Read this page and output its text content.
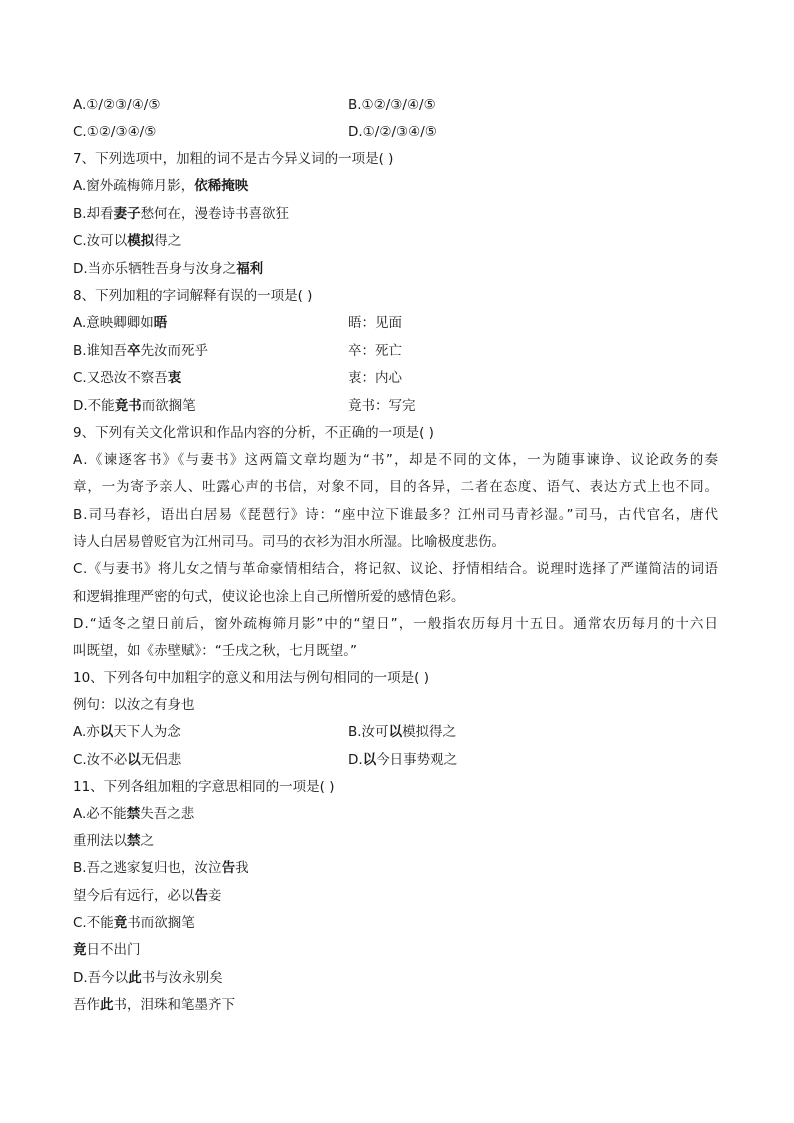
A.①/②③/④/⑤	B.①②/③/④/⑤
C.①②/③④/⑤	D.①/②/③④/⑤
7、下列选项中，加粗的词不是古今异义词的一项是( )
A.窗外疏梅筛月影，依稀掩映
B.却看妻子愁何在，漫卷诗书喜欲狂
C.汝可以模拟得之
D.当亦乐牺牲吾身与汝身之福利
8、下列加粗的字词解释有误的一项是( )
A.意映卿卿如晤	晤：见面
B.谁知吾卒先汝而死乎	卒：死亡
C.又恐汝不察吾衷	衷：内心
D.不能竟书而欲搁笔	竟书：写完
9、下列有关文化常识和作品内容的分析，不正确的一项是( )
A.《谏逐客书》《与妻书》这两篇文章均题为“书”，却是不同的文体，一为随事谏诤、议论政务的奏
章，一为寄予亲人、吐露心声的书信，对象不同，目的各异，二者在态度、语气、表达方式上也不同。
B.司马春衫，语出白居易《琵琶行》诗：“座中泣下谁最多？江州司马青衫湿。”司马，古代官名，唐代
诗人白居易曾贬官为江州司马。司马的衣衫为泪水所湿。比喻极度悲伤。
C.《与妻书》将儿女之情与革命豪情相结合，将记叙、议论、抒情相结合。说理时选择了严谨简洁的词语
和逻辑推理严密的句式，使议论也涂上自己所憎所爱的感情色彩。
D.“适冬之望日前后，窗外疏梅筛月影”中的“望日”，一般指农历每月十五日。通常农历每月的十六日
叫既望，如《赤壁赋》：“壬戌之秋，七月既望。”
10、下列各句中加粗字的意义和用法与例句相同的一项是( )
例句：以汝之有身也
A.亦以天下人为念	B.汝可以模拟得之
C.汝不必以无侣悲	D.以今日事势观之
11、下列各组加粗的字意思相同的一项是( )
A.必不能禁失吾之悲
重刑法以禁之
B.吾之逃家复归也，汝泣告我
望今后有远行，必以告妾
C.不能竟书而欲搁笔
竟日不出门
D.吾今以此书与汝永别矣
吾作此书，泪珠和笔墨齐下
